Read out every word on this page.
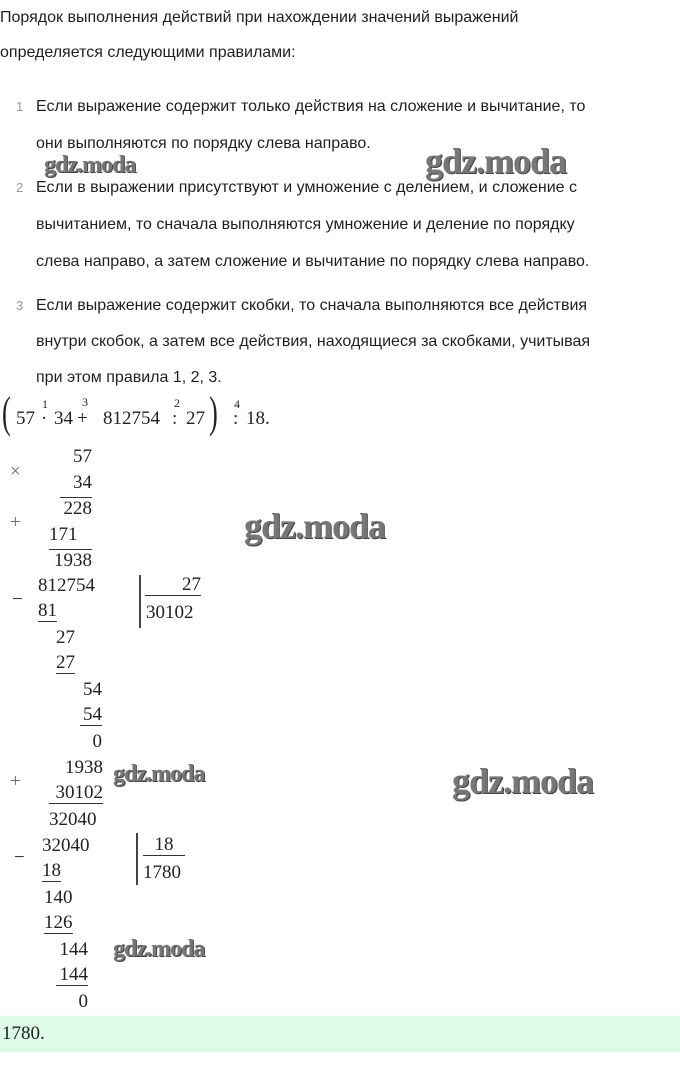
Порядок выполнения действий при нахождении значений выражений
определяется следующими правилами:
1 Если выражение содержит только действия на сложение и вычитание, то
они выполняются по порядку слева направо.
2 Если в выражении присутствуют и умножение с делением, и сложение с
вычитанием, то сначала выполняются умножение и деление по порядку
слева направо, а затем сложение и вычитание по порядку слева направо.
3 Если выражение содержит скобки, то сначала выполняются все действия
внутри скобок, а затем все действия, находящиеся за скобками, учитывая
при этом правила 1, 2, 3.
( 57 ·
1
34 +
3
812754 :
2
27 ) :
4
18.
×
57
34
228
+
171
1938
−
812754
81
27
27
54
54
0
27
30102
+
1938
30102
32040
−
32040
18
140
126
144
144
0
18
1780
1780.
gdz.moda	gdz.moda
gdz.moda
gdz.moda	gdz.moda
gdz.moda
